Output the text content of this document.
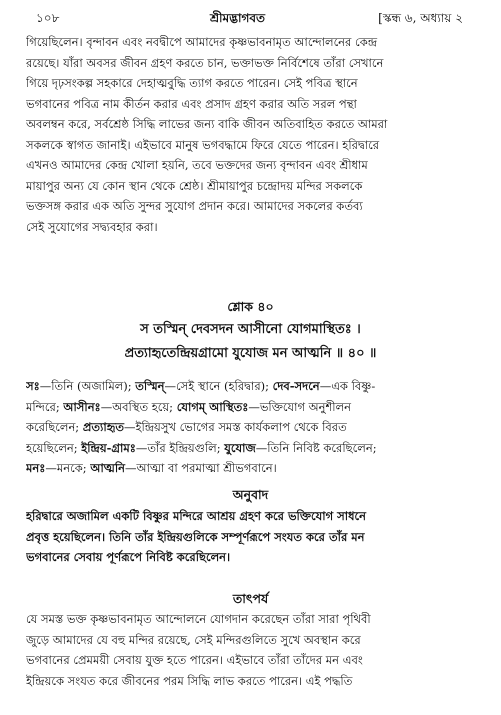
১০৮	শ্রীমদ্ভাগবত	[স্কন্ধ ৬, অধ্যায় ২
গিয়েছিলেন। বৃন্দাবন এবং নবদ্বীপে আমাদের কৃষ্ণভাবনামৃত আন্দোলনের কেন্দ্র
রয়েছে। যাঁরা অবসর জীবন গ্রহণ করতে চান, ভক্তাভক্ত নির্বিশেষে তাঁরা সেখানে
গিয়ে দৃঢ়সংকল্প সহকারে দেহাত্মবুদ্ধি ত্যাগ করতে পারেন। সেই পবিত্র স্থানে
ভগবানের পবিত্র নাম কীর্তন করার এবং প্রসাদ গ্রহণ করার অতি সরল পন্থা
অবলম্বন করে, সর্বশ্রেষ্ঠ সিদ্ধি লাভের জন্য বাকি জীবন অতিবাহিত করতে আমরা
সকলকে স্বাগত জানাই। এইভাবে মানুষ ভগবদ্ধামে ফিরে যেতে পারেন। হরিদ্বারে
এখনও আমাদের কেন্দ্র খোলা হয়নি, তবে ভক্তদের জন্য বৃন্দাবন এবং শ্রীধাম
মায়াপুর অন্য যে কোন স্থান থেকে শ্রেষ্ঠ। শ্রীমায়াপুর চন্দ্রোদয় মন্দির সকলকে
ভক্তসঙ্গ করার এক অতি সুন্দর সুযোগ প্রদান করে। আমাদের সকলের কর্তব্য
সেই সুযোগের সদ্ব্যবহার করা।
শ্লোক ৪০
স তস্মিন্ দেবসদন আসীনো যোগমাস্থিতঃ ।
প্রত্যাহৃতেন্দ্রিয়গ্রামো যুযোজ মন আত্মনি ॥ ৪০ ॥
সঃ—তিনি (অজামিল); তস্মিন্—সেই স্থানে (হরিদ্বার); দেব-সদনে—এক বিষ্ণু-
মন্দিরে; আসীনঃ—অবস্থিত হয়ে; যোগম্ আস্থিতঃ—ভক্তিযোগ অনুশীলন
করেছিলেন; প্রত্যাহৃত—ইন্দ্রিয়সুখ ভোগের সমস্ত কার্যকলাপ থেকে বিরত
হয়েছিলেন; ইন্দ্রিয়-গ্রামঃ—তাঁর ইন্দ্রিয়গুলি; যুযোজ—তিনি নিবিষ্ট করেছিলেন;
মনঃ—মনকে; আত্মনি—আত্মা বা পরমাত্মা শ্রীভগবানে।
অনুবাদ
হরিদ্বারে অজামিল একটি বিষ্ণুর মন্দিরে আশ্রয় গ্রহণ করে ভক্তিযোগ সাধনে
প্রবৃত্ত হয়েছিলেন। তিনি তাঁর ইন্দ্রিয়গুলিকে সম্পূর্ণরূপে সংযত করে তাঁর মন
ভগবানের সেবায় পূর্ণরূপে নিবিষ্ট করেছিলেন।
তাৎপর্য
যে সমস্ত ভক্ত কৃষ্ণভাবনামৃত আন্দোলনে যোগদান করেছেন তাঁরা সারা পৃথিবী
জুড়ে আমাদের যে বহু মন্দির রয়েছে, সেই মন্দিরগুলিতে সুখে অবস্থান করে
ভগবানের প্রেমময়ী সেবায় যুক্ত হতে পারেন। এইভাবে তাঁরা তাঁদের মন এবং
ইন্দ্রিয়কে সংযত করে জীবনের পরম সিদ্ধি লাভ করতে পারেন। এই পদ্ধতি
